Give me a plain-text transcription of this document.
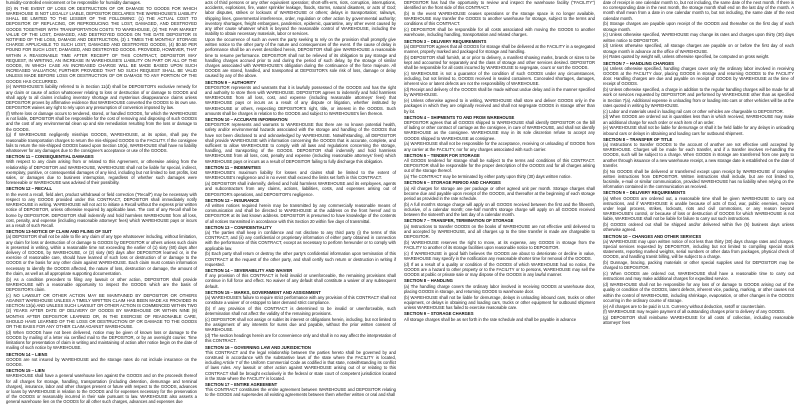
humidity-controlled environment or be responsible for humidity damages.

(D) IN THE EVENT OF LOSS OR DESTRUCTION OF OR DAMAGE TO GOODS FOR WHICH WAREHOUSE IS NOT LEGALLY LIABLE, DEPOSITOR DECLARES THE WAREHOUSE'S LIABILITY SHALL BE LIMITED TO THE LESSER OF THE FOLLOWING: (1) THE ACTUAL COST TO DEPOSITOR OF REPLACING, OR REPRODUCING THE LOST, DAMAGED, AND DESTROYED GOODS TOGETHER WITH TRANSPORTATION COSTS TO WAREHOUSE, (2) THE FAIR MARKET VALUE OF THE LOST, DAMAGED, AND DESTROYED GOODS ON THE DATE DEPOSITOR IS NOTIFIED OF THE LOSS, DAMAGE AND DESTRUCTION, (3) 1 TIMES THE MONTHLY STORAGE CHARGE APPLICABLE TO SUCH LOST, DAMAGED AND DESTROYED GOODS, (4) $0.50 PER POUND FOR SUCH LOST, DAMAGED, AND DESTROYED GOODS. PROVIDED, HOWEVER, THAT WITHIN A REASONABLE TIME AFTER RECEIPT OF THIS CONTRACT, DEPOSITOR MAY REQUEST, IN WRITING, AN INCREASE IN WAREHOUSE'S LIABILITY ON PART OR ALL OF THE GOODS, IN WHICH CASE AN INCREASED CHARGE WILL BE MADE BASED UPON SUCH INCREASED VALUATION; FURTHER PROVIDED THAT NO SUCH REQUEST SHALL BE VALID UNLESS MADE BEFORE LOSS OR DESTRUCTION OF OR DAMAGE TO ANY PORTION OF THE GOODS HAS OCCURRED.

(e) WAREHOUSE'S liability referred to in Section 11(d) shall be DEPOSITOR's exclusive remedy for any claim or cause of action whatsoever relating to loss or destruction of or damage to GOODS and shall apply to all claims including inventory shortage and mysterious disappearance claims unless DEPOSITOR proves by affirmative evidence that WAREHOUSE converted the GOODS to its own use. DEPOSITOR waives any right to rely upon any presumption of conversion imposed by law.

(f) Where loss or damage occurs to tendered, stored, or handled GOODS, for which the WAREHOUSE is not liable, DEPOSITOR shall be responsible for the cost of removing and disposing of such GOODS and the cost of any environmental clean up and site remediation resulting from the loss or damage to the GOODS.

(g) If WAREHOUSE negligently misships GOODS, WAREHOUSE, at its option, shall pay the reasonable transportation charges to return the mis-shipped GOODS to the FACILITY. If the consignee fails to return the mis-shipped GOODS based upon Section 10(a), WAREHOUSE shall have no liability whatsoever for any damages due to the consignee's acceptance or use of the GOODS.

SECTION 11 – CONSEQUENTIAL DAMAGES

With respect to any claim arising from or related to this Agreement, or otherwise arising from the relationship of DEPOSITOR and WAREHOUSE, WAREHOUSE shall not be liable for special, indirect, exemplary, punitive, or consequential damages of any kind, including but not limited to lost profits, lost sales, or damages due to business interruption, regardless of whether such damages were foreseeable or WAREHOUSE was advised of their possibility.

SECTION 12 – RECALL

In the event a recall, field alert, product withdrawal or field correction ("Recall") may be necessary with respect to any GOODS provided under this CONTRACT, DEPOSITOR shall immediately notify WAREHOUSE in writing. WAREHOUSE will not act to initiate a Recall without the express prior written notice of DEPOSITOR, unless otherwise required by applicable laws. The cost of any Recall shall be borne by DEPOSITOR. DEPOSITOR shall indemnify and hold harmless WAREHOUSE from all loss, cost, penalty, and expense (including reasonable attorneys' fees) which WAREHOUSE pays or incurs as a result of such Recall.

SECTION 13-NOTICE OF CLAIM AND FILING OF SUIT

(a) DEPOSITOR shall not be able to file any claim of any type whatsoever including, without limitation, any claim for loss or destruction of or damage to GOODS by DEPOSITOR or others unless such claim is presented in writing, within a reasonable time not exceeding the earlier of (1) sixty (60) days after delivery of GOODS, by WAREHOUSE, or (2) sixty (60) days after DEPOSITOR learned or, in the exercise of reasonable care, should have learned of such loss or destruction of or damage to the GOODS or the basis for any other claim against WAREHOUSE. Each claim must contain information necessary to identify the GOODS affected, the nature of loss, destruction or damage, the amount of the claim, as well as all appropriate supporting documentation.

(b) As a condition precedent to filing any lawsuit or other action, DEPOSITOR shall provide WAREHOUSE with a reasonable opportunity to inspect the GOODS which are the basis of DEPOSITOR's claim.

(c) NO LAWSUIT OR OTHER ACTION MAY BE MAINTAINED BY DEPOSITOR OR OTHERS AGAINST WAREHOUSE UNLESS A TIMELY WRITTEN CLAIM HAS BEEN MADE AS PROVIDED IN SECTION 13(a) AND UNLESS SUCH LAWSUIT OR OTHER ACTION IS COMMENCED WITHIN TWO (2) YEARS AFTER DATE OF DELIVERY OF GOODS BY WAREHOUSE OR WITHIN NINE (9) MONTHS AFTER DEPOSITOR LEARNED OR, IN THE EXERCISE OF REASONABLE CARE, SHOULD HAVE LEARNED OF THE LOSS OR DESTRUCTION OF OR DAMAGE TO THE GOODS OR THE BASIS FOR ANY OTHER CLAIM AGAINST WAREHOUSE.

(d) When GOODS have not been delivered, notice may be given of known loss or damage to the GOODS by mailing of a letter via certified mail to the DEPOSITOR, or by an overnight courier. Time limitations for presentation of claim in writing and maintaining of action after notice begin on the date of mailing of such notice by WAREHOUSE.

SECTION 14 – LIENS

GOODS are not insured by WAREHOUSE and the storage rates do not include insurance on the GOODS.

SECTION 15 – LIEN

WAREHOUSE shall have a general warehouse lien against the GOODS and on the proceeds thereof for all charges for storage, handling, transportation (including detention, demurrage and terminal charges), insurance, labor and other charges present or future with respect to the GOODS, advances or loans by WAREHOUSE in relation to the GOODS and for expenses necessary for the preservation of the GOODS or reasonably incurred in their sale pursuant to law. WAREHOUSE also asserts a general warehouse lien on the GOODS for all other such charges, advances and expenses due

acts of third persons or any other equivalent operation; short-offs-errs, riots, corruption, interruptions, accidents, explosions, fire, water sprinkler leakage, floods, storms, natural disasters, or acts of God; labor disputes, strikes or lockouts of WAREHOUSE or others; delays in transportation; railways, shipping lines, governmental interference, order, regulation or other action by governmental authority; inventory shortages, freight embargoes, pandemics, epidemic, quarantine, any other event caused by any other cause whatever which is beyond the reasonable control of WAREHOUSE, including the inability to obtain necessary materials, labor or services.

Upon the occurrence of such an event the party seeking to rely on the provision shall promptly give written notice to the other party of the nature and consequences of the event. If the cause of delay in performance shall be an event described herein, DEPOSITOR shall give WAREHOUSE a reasonable time to resume performance. DEPOSITOR shall not be relieved of its obligation to pay storage and handling charges accrued prior to and during the period of such delay, by the storage of similar charges associated with WAREHOUSE's obligation during the continuance of the force majeure. All GOODS are stored, handled, and transported at DEPOSITOR's sole risk of loss, damage or delay caused by any of the above.

SECTION 9 – AUTHORITY

DEPOSITOR represents and warrants that it is lawfully possessed of the GOODS and has the right and authority to store them with WAREHOUSE. DEPOSITOR agrees to indemnify and hold harmless WAREHOUSE from all loss, cost, and expense (including reasonable attorneys' fees) that WAREHOUSE pays or incurs as a result of any dispute or litigation, whether instituted by WAREHOUSE or others, respecting DEPOSITOR'S right, title, or interest in the GOODS. Such amounts shall be charges in relation to the GOODS and subject to WAREHOUSE's lien thereon.

SECTION 10 – ACCURATE INFORMATION

DEPOSITOR represents and warrants to WAREHOUSE that there are no known potential health, safety and/or environmental hazards associated with the storage and handling of the GOODS that have not been disclosed to and acknowledged by WAREHOUSE. Notwithstanding, all DEPOSITOR shall provide WAREHOUSE with information concerning the GOODS that is accurate, complete, and sufficient to allow WAREHOUSE to comply with all laws and regulations concerning the storage, handling, and transporting of the GOODS. DEPOSITOR shall indemnify and hold harmless WAREHOUSE from all loss, cost, penalty and expense (including reasonable attorneys' fees) which WAREHOUSE pays or incurs as a result of DEPOSITOR failing to fully discharge this obligation.

SECTION 11 – INDEMNITIES

WAREHOUSE's maximum liability for losses and claims shall be limited to the extent of WAREHOUSE's negligence and in no event shall exceed the limits set forth in this CONTRACT.

(a) DEPOSITOR shall indemnify, defend and hold harmless WAREHOUSE and its employees, agents and subcontractors from any claims, actions, liabilities, costs, and expenses arising out of DEPOSITOR's operations, and DEPOSITOR's negligence.

SECTION 12 – INSURANCE

All written notices required herein may be transmitted by any commercially reasonable means of communication and shall be directed to WAREHOUSE at the address on the front hereof and to DEPOSITOR at its last known address. DEPOSITOR is presumed to have knowledge of the contents of all notices transmitted in accordance with this Section 20 within five days of transmittal.

SECTION 13 – CONFIDENTIALITY

(a) The parties shall keep in confidence and not disclose to any third party (i) the terms of this CONTRACT, and (ii) any confidential or proprietary information of either party obtained in connection with the performance of this CONTRACT, except as necessary to perform hereunder or to comply with applicable law.

(b) Each party shall return or destroy the other party's confidential information upon termination of this CONTRACT at the request of the other party, and shall certify such return or destruction in writing if requested.

SECTION 14 – SEVERABILITY AND WAIVER

If any provision of this CONTRACT is held invalid or unenforceable, the remaining provisions shall continue in full force and effect. No waiver of any default shall constitute a waiver of any subsequent default.

SECTION 15 – MARKS, GOVERNMENT AND ASSIGNMENT

(a) WAREHOUSE's failure to require strict performance with any provision of this CONTRACT shall not constitute a waiver of or estoppel to later demand strict compliance.

(b) If any provision of this CONTRACT is determined to be invalid or unenforceable, such determination shall not affect the validity of the remaining provisions.

(c) DEPOSITOR shall not assign or sublet its interest or obligations herein, including, but not limited to the assignment of any interests for sums due and payable, without the prior written consent of WAREHOUSE.

(d) The section headings herein are for convenience only and shall in no way affect the interpretation of this CONTRACT.

SECTION 16 – GOVERNING LAW AND JURISDICTION

This CONTRACT and the legal relationship between the parties hereto shall be governed by and construed in accordance with the substantive laws of the state where the FACILITY is located, including Article 7 of the Uniform Commercial Code as codified in that state, notwithstanding its conflict of laws rules. Any lawsuit or other action against WAREHOUSE arising out of or relating to this CONTRACT shall be brought exclusively in the federal or state court of competent jurisdiction located in the State where the FACILITY is located.

SECTION 17 – ENTIRE AGREEMENT

This CONTRACT constitutes the entire agreement between WAREHOUSE and DEPOSITOR relating to the GOODS and supersedes all existing agreements between them whether written or oral and shall

DEPOSITOR has had the opportunity to review and inspect the warehouse facility ("FACILITY") identified on the front side of this CONTRACT.

(b) In the event WAREHOUSE ceases operations or the storage space is no longer available, WAREHOUSE may transfer the GOODS to another warehouse for storage, subject to the terms and conditions of this CONTRACT.

(c) DEPOSITOR shall be responsible for all costs associated with moving the GOODS to another warehouse, including handling, transportation and related charges.

SECTION 3 – DELIVERY REQUIREMENTS

(a) DEPOSITOR agrees that all GOODS for storage shall be delivered at the FACILITY in a segregated manner, properly marked and packaged for storage and handling.

(b) DEPOSITOR shall furnish, at or prior to delivery, a manifest showing marks, brands or sizes to be kept and accounted for separately and the class of storage and other services desired. DEPOSITOR shall be responsible for all costs incurred by WAREHOUSE to segregate, count or sort the GOODS.

(c) WAREHOUSE is not a guarantor of the condition of such GOODS under any circumstances, including, but not limited to, GOODS received in sealed containers. Concealed shortages, damages, inherent vice or latent defects are not the responsibility of WAREHOUSE.

(d) Receipt and delivery of the GOODS shall be made without undue delay and in the manner specified by WAREHOUSE.

(e) Unless otherwise agreed to in writing, WAREHOUSE shall store and deliver GOODS only in the packages in which they are originally received and shall not segregate GOODS in storage other than by lot.

SECTION 4 – SHIPMENTS TO AND FROM WAREHOUSE

DEPOSITOR agrees that all GOODS shipped to WAREHOUSE shall identify DEPOSITOR on the bill of lading or other contract of carriage as the consignee, in care of WAREHOUSE, and shall not identify WAREHOUSE as the consignee. WAREHOUSE may in its sole discretion refuse to accept any GOODS shipped to WAREHOUSE as consignee.

(a) WAREHOUSE shall not be responsible for the acceptance, receiving or unloading of GOODS from any carrier at the FACILITY, nor for any charges associated with such carrier.

SECTION 5 – TENDER FOR STORAGE

All GOODS tendered for storage shall be subject to the terms and conditions of this CONTRACT. DEPOSITOR shall be responsible for the proper description of the GOODS and for all charges arising out of the storage thereof.

(a) The CONTRACT may be terminated by either party upon thirty (30) days written notice.

SECTION 6 – STORAGE PERIOD AND CHARGES

(a) All charges for storage are per package or other agreed unit per month. Storage charges shall become due and payable upon receipt of the GOODS, and thereafter at the beginning of each storage period as provided in the rate schedule.

(b) A full month's storage charge will apply on all GOODS received between the first and the fifteenth, inclusive, of a calendar month; one-half month's storage charge will apply on all GOODS received between the sixteenth and the last day of a calendar month.

SECTION 7 – TRANSFER, TERMINATION OF STORAGE

(a) Instructions to transfer GOODS on the books of WAREHOUSE are not effective until delivered to and accepted by WAREHOUSE, and all charges up to the time transfer is made are chargeable to DEPOSITOR.

(b) WAREHOUSE reserves the right to move, at its expense, any GOODS in storage from the FACILITY to another of its storage facilities upon reasonable notice to DEPOSITOR.

(c) If WAREHOUSE in good faith believes the GOODS are about to deteriorate or decline in value, WAREHOUSE may specify in the notification any reasonable shorter time for removal of the GOODS.

(d) If as a result of a quality or condition of the GOODS of which WAREHOUSE had no notice, the GOODS are a hazard to other property or to the FACILITY or to persons, WAREHOUSE may sell the GOODS at public or private sale or may dispose of the GOODS in any lawful manner.

SECTION 8 – HANDLING

(a) The handling charge covers the ordinary labor involved in receiving GOODS at warehouse door, placing GOODS in storage, and returning GOODS to warehouse door.

(b) WAREHOUSE shall not be liable for demurrage, delays in unloading inbound cars, trucks or other equipment, or delays in obtaining and loading cars, trucks or other equipment for outbound shipment unless WAREHOUSE has failed to exercise reasonable care.

SECTION 9 – STORAGE CHARGES

All storage charges shall be as set forth in the rate schedule and shall be payable in advance

date of receipt in one calendar month to, but not including, the same date of the next month. If there is no corresponding date in the next month, the storage month shall end on the last day of the month. A month shall mean from a date in one calendar month to, but not including, the same date of the next calendar month.

(b) Storage charges are payable upon receipt of the GOODS and thereafter on the first day of each storage month.

(c) Unless otherwise specified, WAREHOUSE may change its rates and charges upon thirty (30) days written notice to DEPOSITOR.

(d) Unless otherwise specified, all storage charges are payable on or before the first day of each storage month in advance at the office of WAREHOUSE.

(e) Rates quoted by weight will, unless otherwise specified, be computed on gross weight.

SECTION 7 – HANDLING CHARGES

(a) Unless otherwise specified, handling charges cover only the ordinary labor involved in receiving GOODS at the FACILITY door, placing GOODS in storage and returning GOODS to the FACILITY door. Handling charges are due and payable on receipt of GOODS by WAREHOUSE at the time of receipt of GOODS.

(b) Unless otherwise specified, a charge in addition to the regular handling charges will be made for all work or services requested by DEPOSITOR and performed by WAREHOUSE other than as specified in Section 7(a). Additional expense in unloading from or loading into cars or other vehicles will be at the rates quoted in writing by WAREHOUSE.

(c) Labor and materials used in loading rail cars or other vehicles are chargeable to DEPOSITOR.

(d) When GOODS are ordered out in quantities less than in which received, WAREHOUSE may make an additional charge for each order or each item of an order.

(e) WAREHOUSE shall not be liable for demurrage or shall it be held liable for any delays in unloading inbound cars or delays in obtaining and loading cars for outbound shipment.

SECTION 8 – TRANSFER OF TITLE

(a) Instructions to transfer GOODS to the account of another are not effective until accepted by WAREHOUSE. Charges will be made for each transfer, and if a transfer involves re-handling the GOODS, such will be subject to a charge. When GOODS in storage are transferred from one party to another through issuance of a new warehouse receipt, a new storage date is established on the date of transfer.

(b) No GOODS shall be delivered or transferred except upon receipt by WAREHOUSE of complete written instructions from DEPOSITOR. Written instructions shall include, but are not limited to, facsimile, e-mail or similar communication, provided WAREHOUSE has no liability when relying on the information contained in the communication as received.

SECTION 9 – DELIVERY REQUIREMENTS

(a) When GOODS are ordered out, a reasonable time shall be given WAREHOUSE to carry out instructions, and if WAREHOUSE is unable because of acts of God, war, public enemies, seizure under legal process, strikes, lockouts, riots and civil commotions, or any reason beyond WAREHOUSE's control, or because of loss or destruction of GOODS for which WAREHOUSE is not liable, WAREHOUSE shall not be liable for failure to carry out such instructions.

(b) GOODS ordered out shall be shipped and/or delivered within five (5) business days unless otherwise agreed.

SECTION 10 – CHANGES AND OTHER SERVICES

(a) WAREHOUSE may upon written notice of not less than thirty (30) days change rates and charges. Special services requested by DEPOSITOR, including but not limited to compiling special stock statements, reporting marked weights, serial numbers or other data from packages, physical check of GOODS, and handling transit billing, will be subject to a charge.

(b) Dunnage, bracing, packing materials or other special supplies used for DEPOSITOR may be charged to DEPOSITOR.

(c) When GOODS are ordered out, WAREHOUSE shall have a reasonable time to carry out instructions and may make additional charges for expedited service.

(d) WAREHOUSE shall not be responsible for any loss of or damage to GOODS arising out of the quality or condition of the GOODS, latent defects, inherent vice, packing, marking, or other causes not within the control of WAREHOUSE, including shrinkage, evaporation, or other changes in the GOODS occurring in the ordinary course of storage.

(e) All charges are to be paid in U.S. Currency without deduction, setoff or counterclaim.

(f) WAREHOUSE may require payment of all outstanding charges prior to delivery of any GOODS.

(g) DEPOSITOR shall reimburse WAREHOUSE for all costs of collection, including reasonable attorneys' fees
